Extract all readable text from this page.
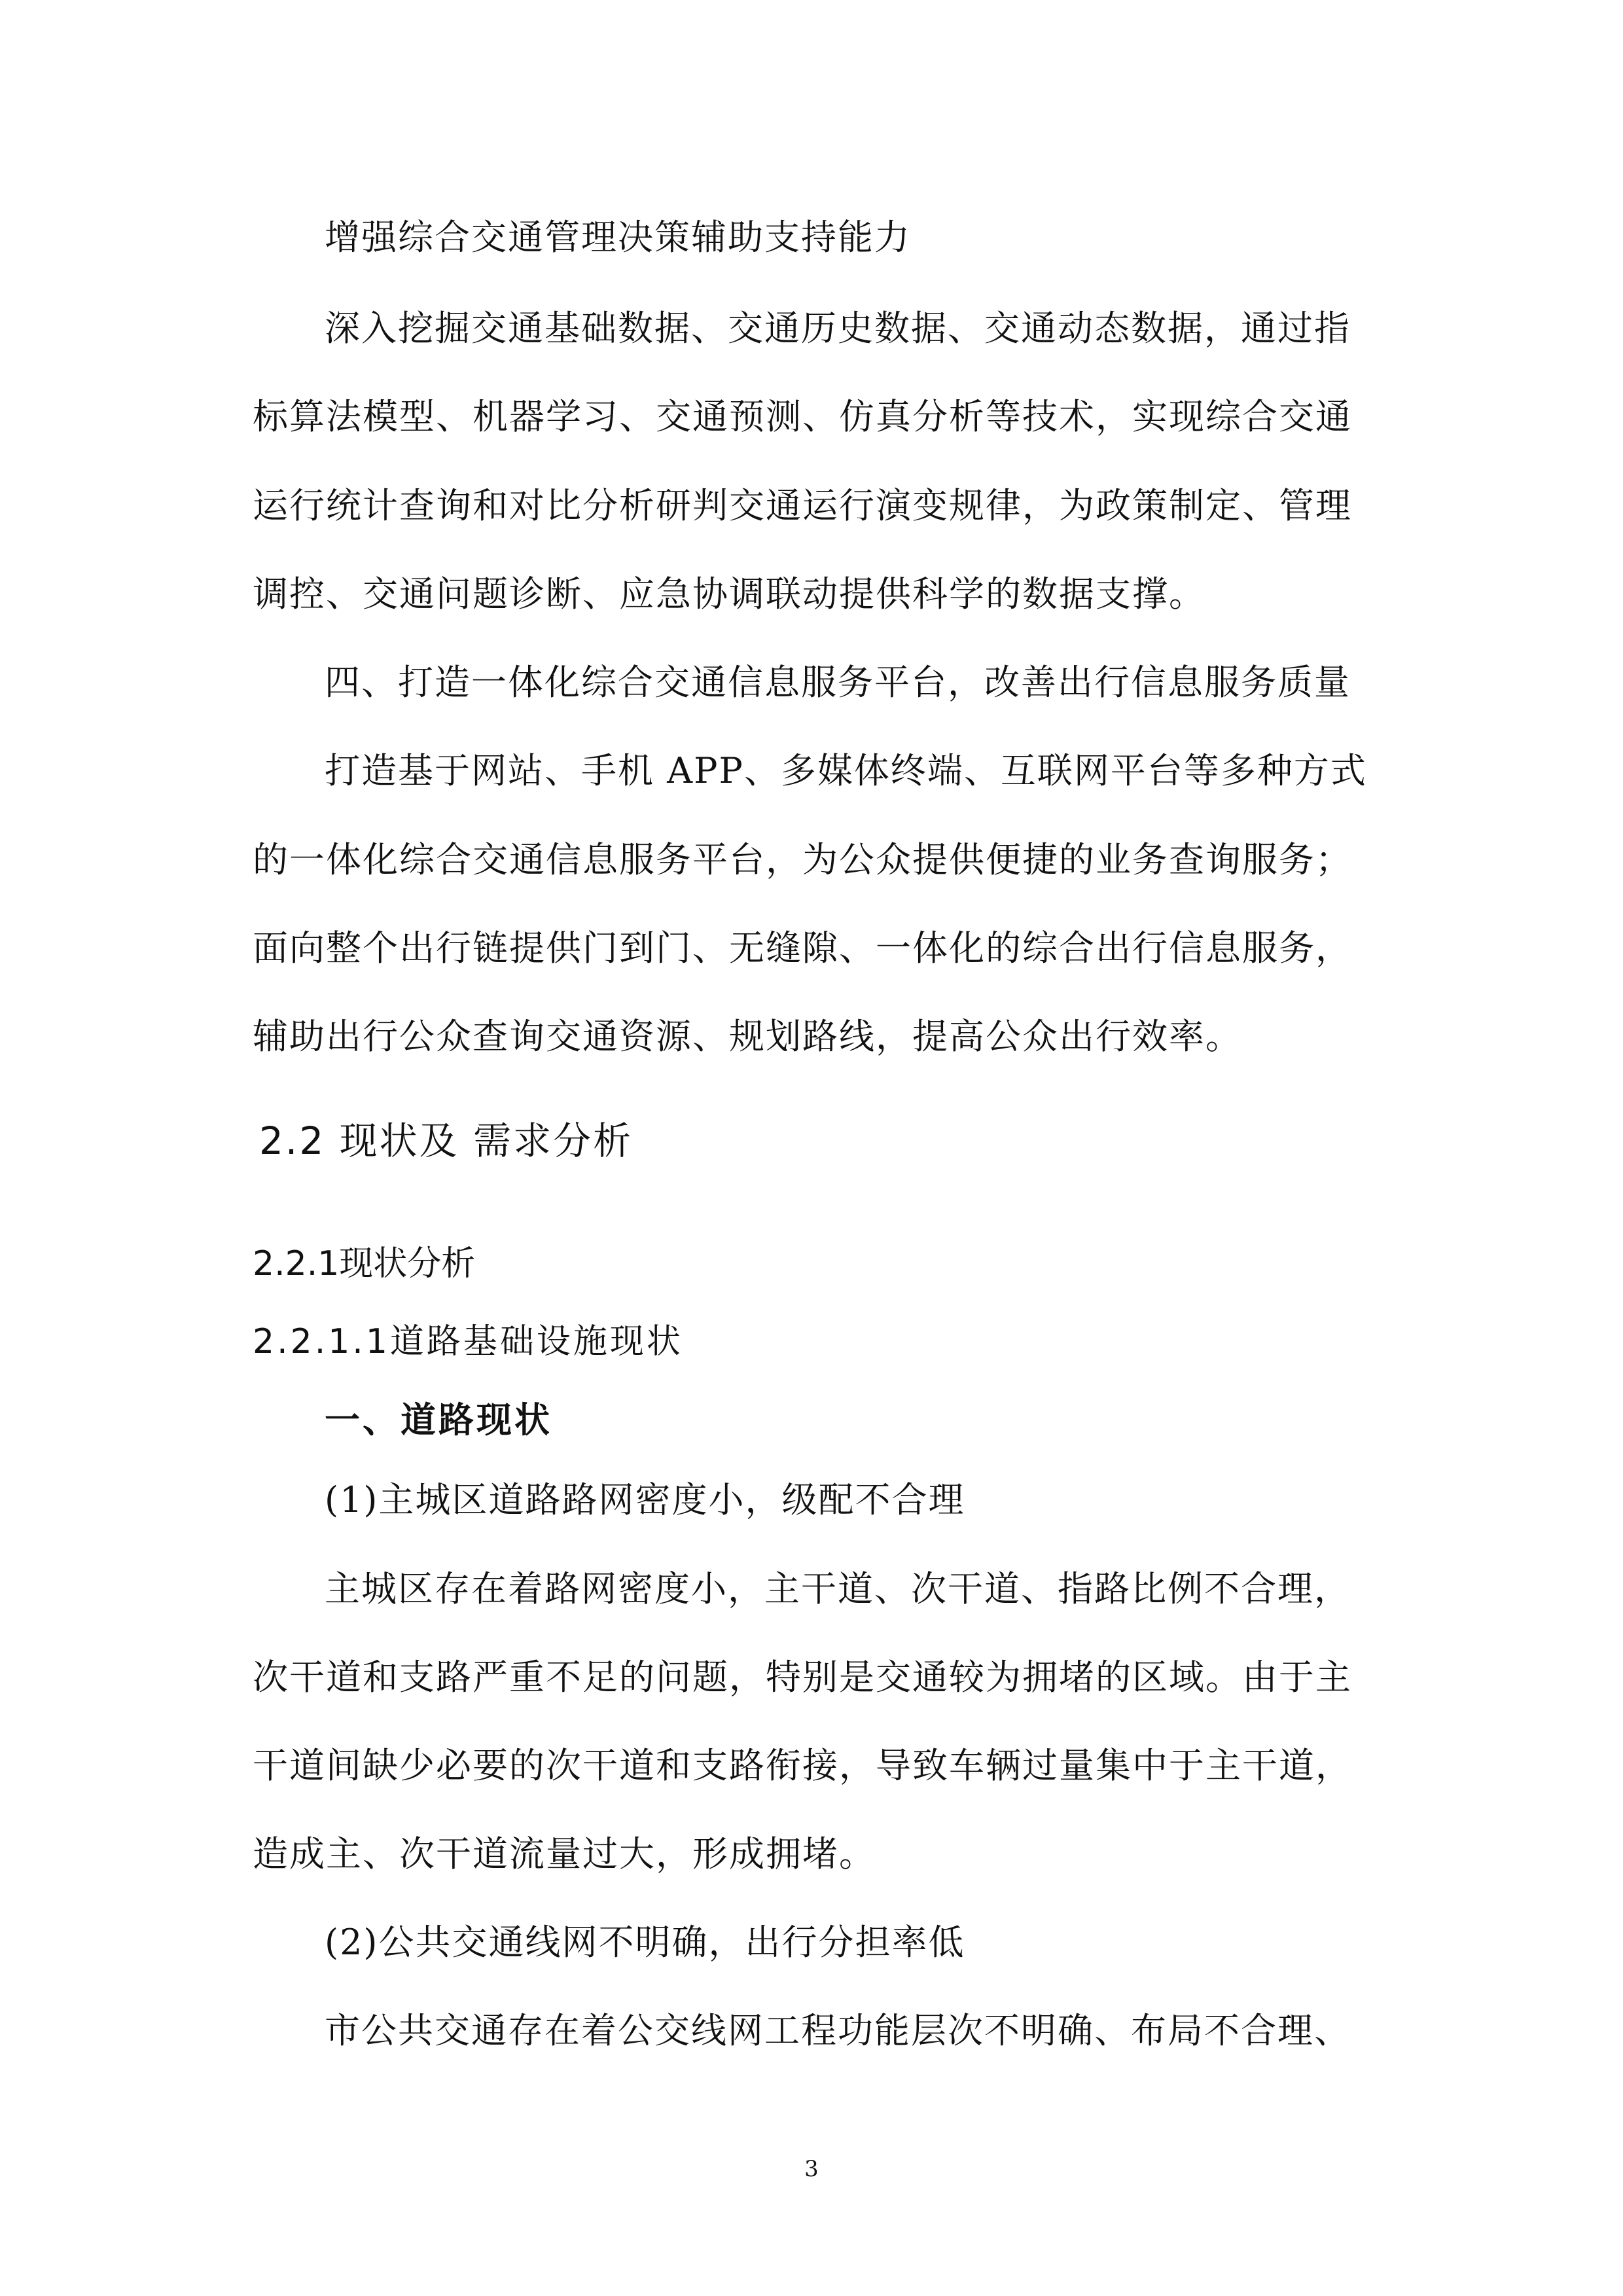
增强综合交通管理决策辅助支持能力
深入挖掘交通基础数据、交通历史数据、交通动态数据，通过指
标算法模型、机器学习、交通预测、仿真分析等技术，实现综合交通
运行统计查询和对比分析研判交通运行演变规律，为政策制定、管理
调控、交通问题诊断、应急协调联动提供科学的数据支撑。
四、打造一体化综合交通信息服务平台，改善出行信息服务质量
打造基于网站、手机 APP、多媒体终端、互联网平台等多种方式
的一体化综合交通信息服务平台，为公众提供便捷的业务查询服务；
面向整个出行链提供门到门、无缝隙、一体化的综合出行信息服务，
辅助出行公众查询交通资源、规划路线，提高公众出行效率。
2.2 现状及 需求分析
2.2.1现状分析
2.2.1.1道路基础设施现状
一、道路现状
(1)主城区道路路网密度小，级配不合理
主城区存在着路网密度小，主干道、次干道、指路比例不合理，
次干道和支路严重不足的问题，特别是交通较为拥堵的区域。由于主
干道间缺少必要的次干道和支路衔接，导致车辆过量集中于主干道，
造成主、次干道流量过大，形成拥堵。
(2)公共交通线网不明确，出行分担率低
市公共交通存在着公交线网工程功能层次不明确、布局不合理、
3
